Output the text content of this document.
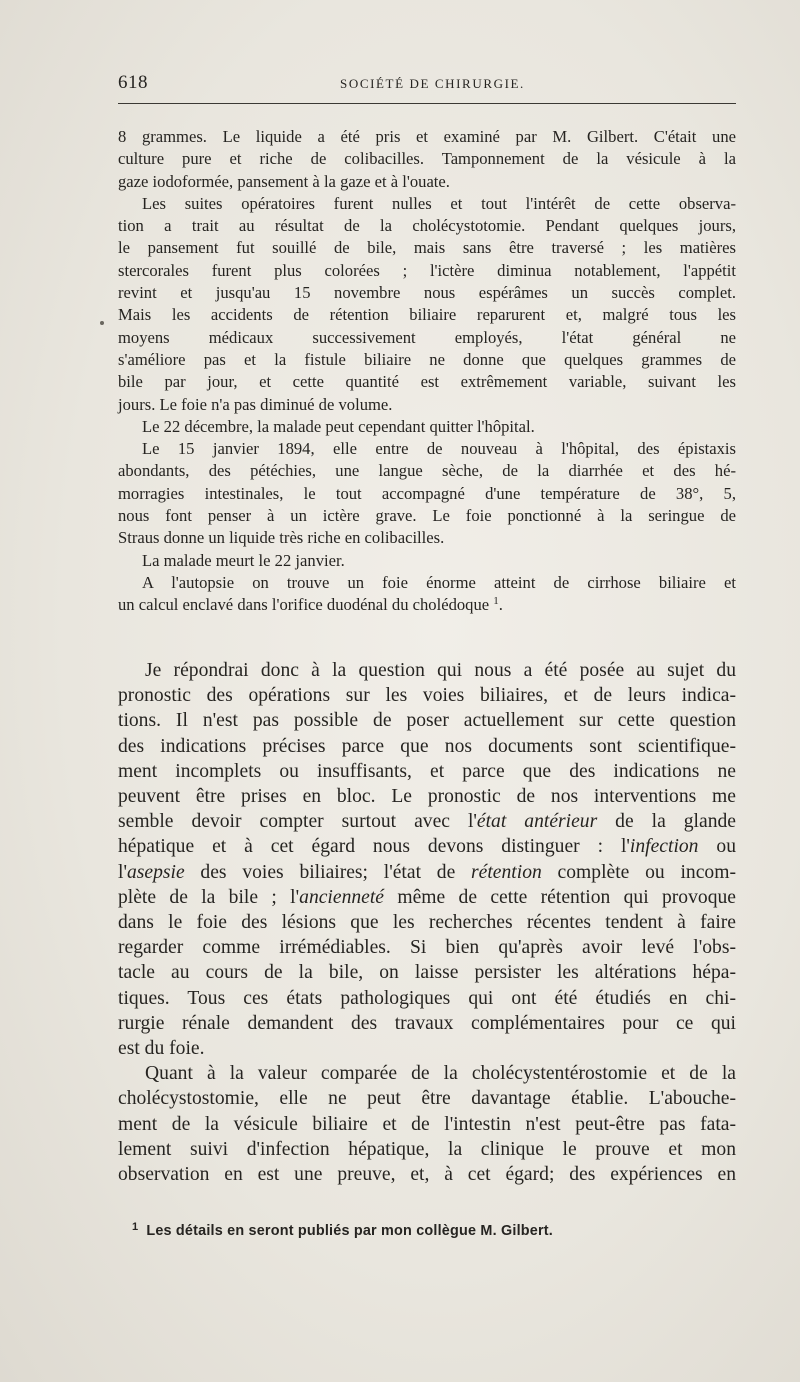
618	SOCIÉTÉ DE CHIRURGIE.
8 grammes. Le liquide a été pris et examiné par M. Gilbert. C'était une
culture pure et riche de colibacilles. Tamponnement de la vésicule à la
gaze iodoformée, pansement à la gaze et à l'ouate.
Les suites opératoires furent nulles et tout l'intérêt de cette observa-
tion a trait au résultat de la cholécystotomie. Pendant quelques jours,
le pansement fut souillé de bile, mais sans être traversé ; les matières
stercorales furent plus colorées ; l'ictère diminua notablement, l'appétit
revint et jusqu'au 15 novembre nous espérâmes un succès complet.
Mais les accidents de rétention biliaire reparurent et, malgré tous les
moyens médicaux successivement employés, l'état général ne
s'améliore pas et la fistule biliaire ne donne que quelques grammes de
bile par jour, et cette quantité est extrêmement variable, suivant les
jours. Le foie n'a pas diminué de volume.
Le 22 décembre, la malade peut cependant quitter l'hôpital.
Le 15 janvier 1894, elle entre de nouveau à l'hôpital, des épistaxis
abondants, des pétéchies, une langue sèche, de la diarrhée et des hé-
morragies intestinales, le tout accompagné d'une température de 38°, 5,
nous font penser à un ictère grave. Le foie ponctionné à la seringue de
Straus donne un liquide très riche en colibacilles.
La malade meurt le 22 janvier.
A l'autopsie on trouve un foie énorme atteint de cirrhose biliaire et
un calcul enclavé dans l'orifice duodénal du cholédoque $^1$.
Je répondrai donc à la question qui nous a été posée au sujet du
pronostic des opérations sur les voies biliaires, et de leurs indica-
tions. Il n'est pas possible de poser actuellement sur cette question
des indications précises parce que nos documents sont scientifique-
ment incomplets ou insuffisants, et parce que des indications ne
peuvent être prises en bloc. Le pronostic de nos interventions me
semble devoir compter surtout avec l'état antérieur de la glande
hépatique et à cet égard nous devons distinguer : l'infection ou
l'asepsie des voies biliaires; l'état de rétention complète ou incom-
plète de la bile ; l'ancienneté même de cette rétention qui provoque
dans le foie des lésions que les recherches récentes tendent à faire
regarder comme irrémédiables. Si bien qu'après avoir levé l'obs-
tacle au cours de la bile, on laisse persister les altérations hépa-
tiques. Tous ces états pathologiques qui ont été étudiés en chi-
rurgie rénale demandent des travaux complémentaires pour ce qui
est du foie.
Quant à la valeur comparée de la cholécystentérostomie et de la
cholécystostomie, elle ne peut être davantage établie. L'abouche-
ment de la vésicule biliaire et de l'intestin n'est peut-être pas fata-
lement suivi d'infection hépatique, la clinique le prouve et mon
observation en est une preuve, et, à cet égard; des expériences en
$^1$ Les détails en seront publiés par mon collègue M. Gilbert.
